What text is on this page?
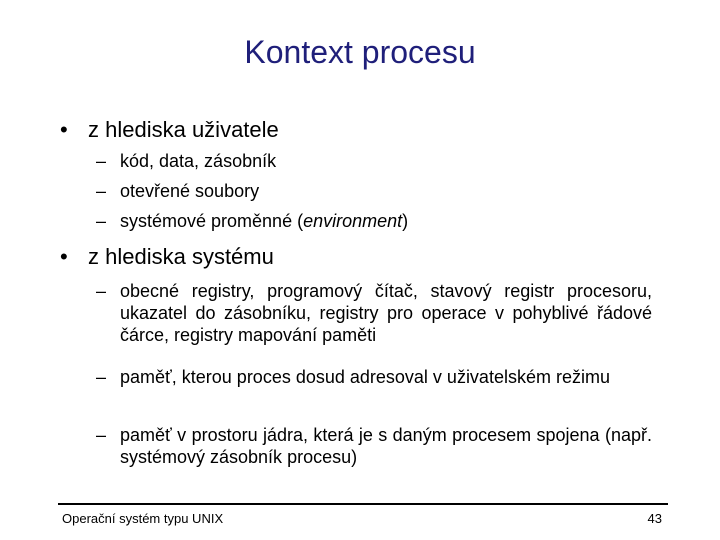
Kontext procesu
• z hlediska uživatele
– kód, data, zásobník
– otevřené soubory
– systémové proměnné (environment)
• z hlediska systému
– obecné registry, programový čítač, stavový registr procesoru, ukazatel do zásobníku, registry pro operace v pohyblivé řádové čárce, registry mapování paměti
– paměť, kterou proces dosud adresoval v uživatelském režimu
– paměť v prostoru jádra, která je s daným procesem spojena (např. systémový zásobník procesu)
Operační systém typu UNIX	43
